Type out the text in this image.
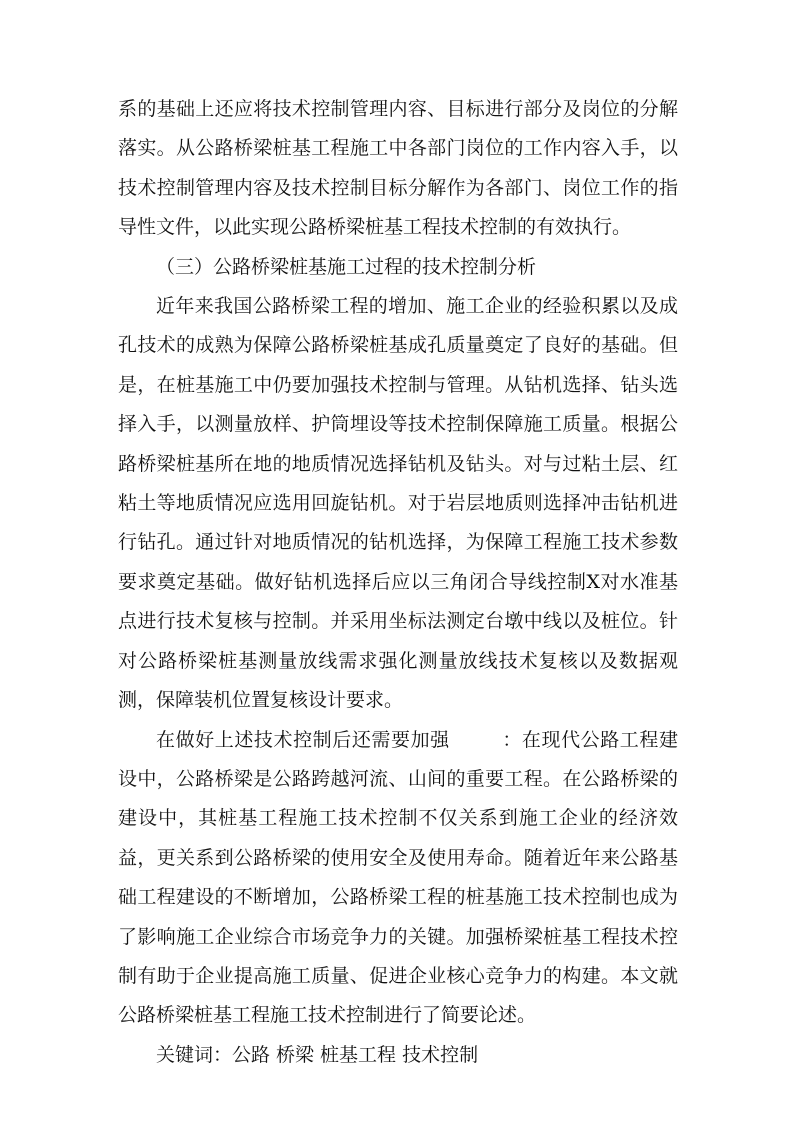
系的基础上还应将技术控制管理内容、目标进行部分及岗位的分解落实。从公路桥梁桩基工程施工中各部门岗位的工作内容入手，以技术控制管理内容及技术控制目标分解作为各部门、岗位工作的指导性文件，以此实现公路桥梁桩基工程技术控制的有效执行。

（三）公路桥梁桩基施工过程的技术控制分析

近年来我国公路桥梁工程的增加、施工企业的经验积累以及成孔技术的成熟为保障公路桥梁桩基成孔质量奠定了良好的基础。但是，在桩基施工中仍要加强技术控制与管理。从钻机选择、钻头选择入手，以测量放样、护筒埋设等技术控制保障施工质量。根据公路桥梁桩基所在地的地质情况选择钻机及钻头。对与过粘土层、红粘土等地质情况应选用回旋钻机。对于岩层地质则选择冲击钻机进行钻孔。通过针对地质情况的钻机选择，为保障工程施工技术参数要求奠定基础。做好钻机选择后应以三角闭合导线控制X对水准基点进行技术复核与控制。并采用坐标法测定台墩中线以及桩位。针对公路桥梁桩基测量放线需求强化测量放线技术复核以及数据观测，保障装机位置复核设计要求。

在做好上述技术控制后还需要加强	：在现代公路工程建设中，公路桥梁是公路跨越河流、山间的重要工程。在公路桥梁的建设中，其桩基工程施工技术控制不仅关系到施工企业的经济效益，更关系到公路桥梁的使用安全及使用寿命。随着近年来公路基础工程建设的不断增加，公路桥梁工程的桩基施工技术控制也成为了影响施工企业综合市场竞争力的关键。加强桥梁桩基工程技术控制有助于企业提高施工质量、促进企业核心竞争力的构建。本文就公路桥梁桩基工程施工技术控制进行了简要论述。

关键词：公路 桥梁 桩基工程 技术控制
